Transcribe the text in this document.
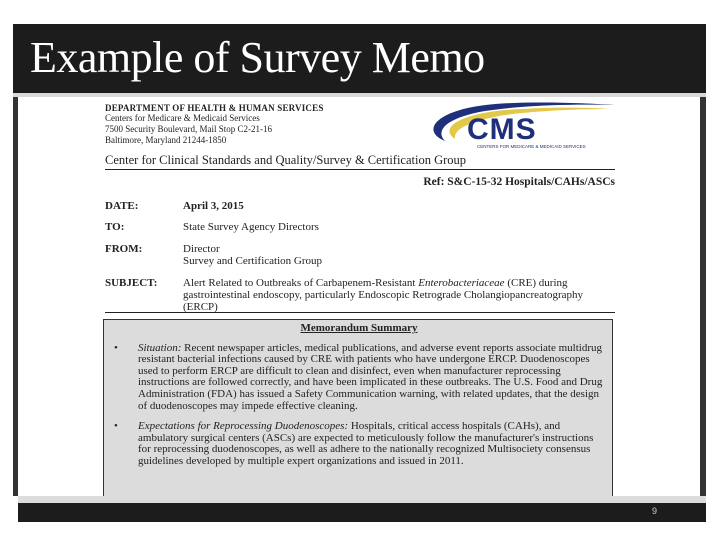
Example of Survey Memo
DEPARTMENT OF HEALTH & HUMAN SERVICES
Centers for Medicare & Medicaid Services
7500 Security Boulevard, Mail Stop C2-21-16
Baltimore, Maryland 21244-1850	CMS
CENTERS FOR MEDICARE & MEDICAID SERVICES
Center for Clinical Standards and Quality/Survey & Certification Group
Ref: S&C-15-32 Hospitals/CAHs/ASCs
DATE:	April 3, 2015
TO:	State Survey Agency Directors
FROM:	Director
Survey and Certification Group
SUBJECT:	Alert Related to Outbreaks of Carbapenem-Resistant Enterobacteriaceae (CRE) during gastrointestinal endoscopy, particularly Endoscopic Retrograde Cholangiopancreatography (ERCP)
Memorandum Summary
• Situation: Recent newspaper articles, medical publications, and adverse event reports associate multidrug resistant bacterial infections caused by CRE with patients who have undergone ERCP. Duodenoscopes used to perform ERCP are difficult to clean and disinfect, even when manufacturer reprocessing instructions are followed correctly, and have been implicated in these outbreaks. The U.S. Food and Drug Administration (FDA) has issued a Safety Communication warning, with related updates, that the design of duodenoscopes may impede effective cleaning.
• Expectations for Reprocessing Duodenoscopes: Hospitals, critical access hospitals (CAHs), and ambulatory surgical centers (ASCs) are expected to meticulously follow the manufacturer's instructions for reprocessing duodenoscopes, as well as adhere to the nationally recognized Multisociety consensus guidelines developed by multiple expert organizations and issued in 2011.
9
